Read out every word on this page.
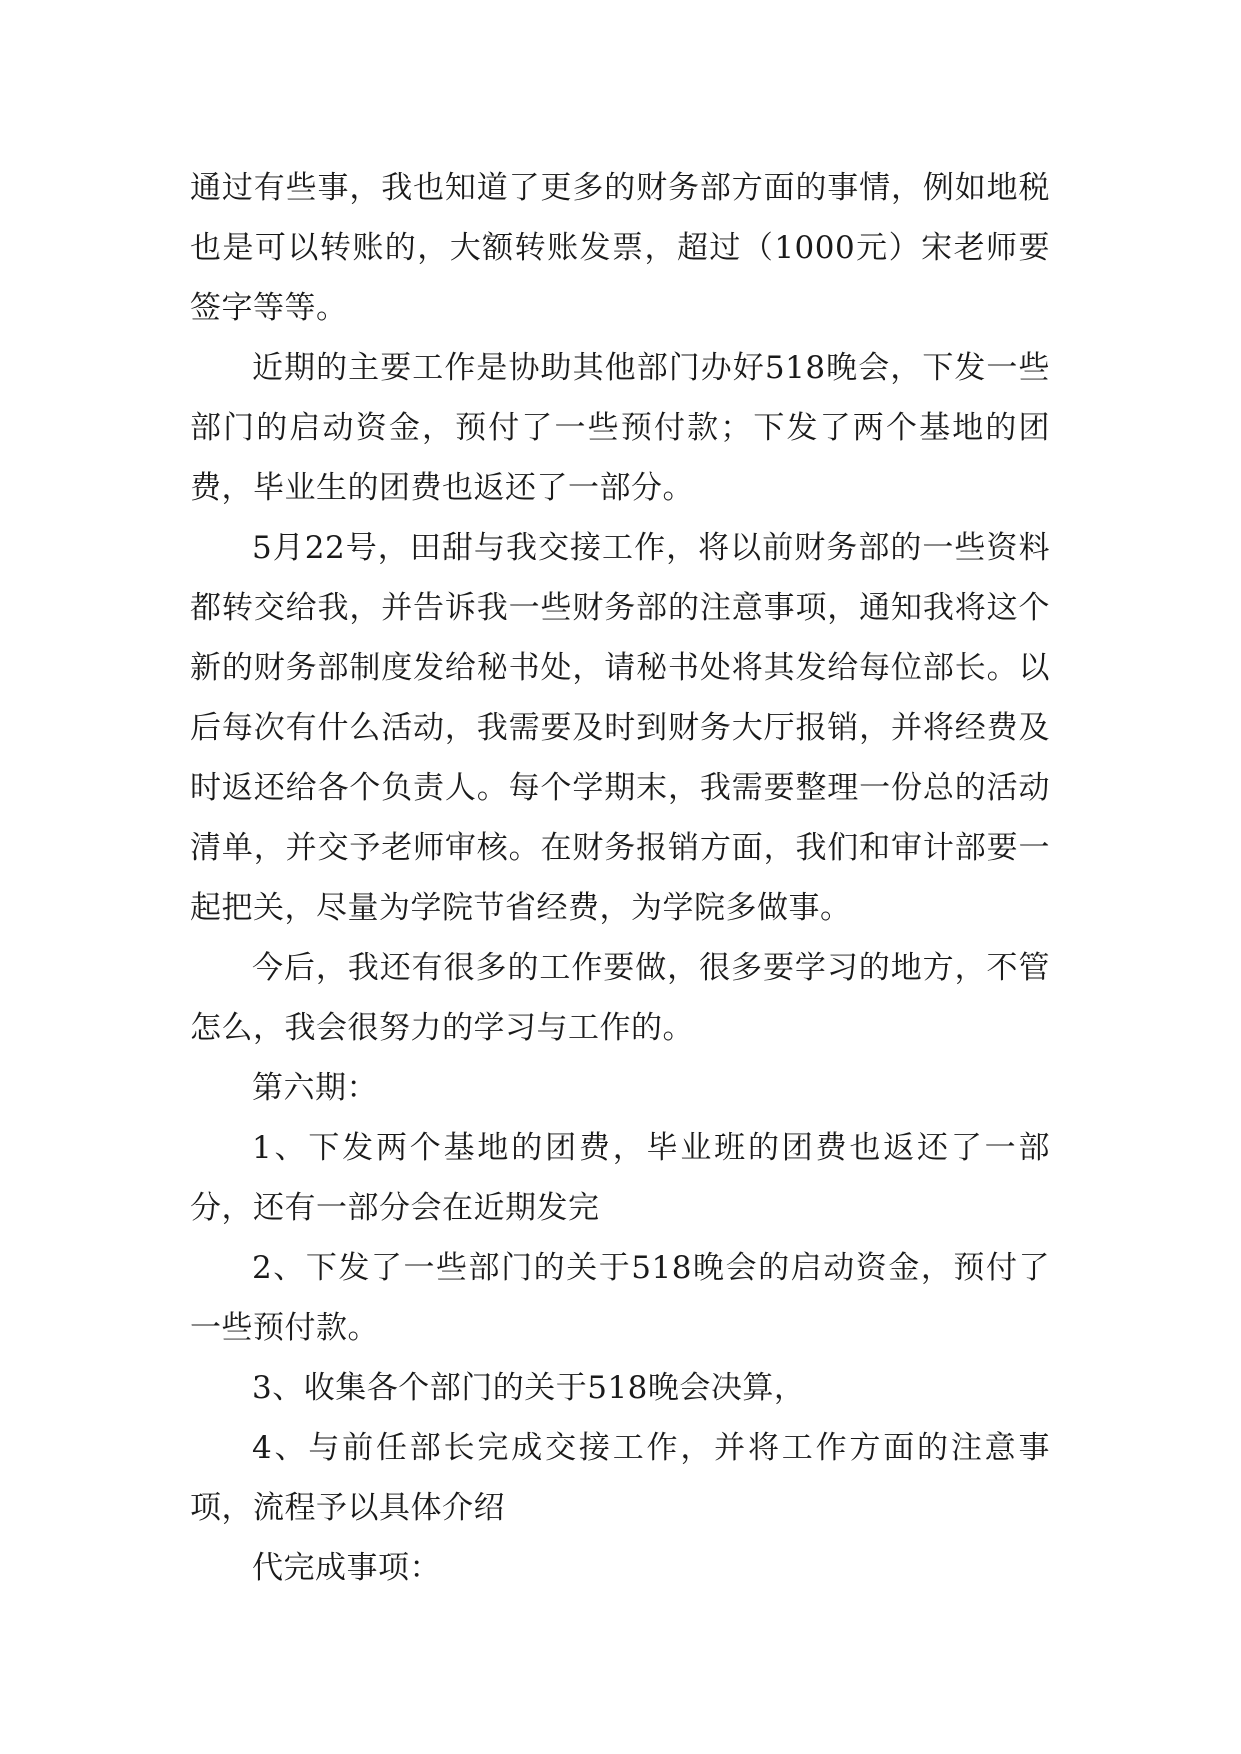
通过有些事，我也知道了更多的财务部方面的事情，例如地税也是可以转账的，大额转账发票，超过（1000元）宋老师要签字等等。

近期的主要工作是协助其他部门办好518晚会，下发一些部门的启动资金，预付了一些预付款；下发了两个基地的团费，毕业生的团费也返还了一部分。

5月22号，田甜与我交接工作，将以前财务部的一些资料都转交给我，并告诉我一些财务部的注意事项，通知我将这个新的财务部制度发给秘书处，请秘书处将其发给每位部长。以后每次有什么活动，我需要及时到财务大厅报销，并将经费及时返还给各个负责人。每个学期末，我需要整理一份总的活动清单，并交予老师审核。在财务报销方面，我们和审计部要一起把关，尽量为学院节省经费，为学院多做事。

今后，我还有很多的工作要做，很多要学习的地方，不管怎么，我会很努力的学习与工作的。

第六期：

1、下发两个基地的团费，毕业班的团费也返还了一部分，还有一部分会在近期发完

2、下发了一些部门的关于518晚会的启动资金，预付了一些预付款。

3、收集各个部门的关于518晚会决算，

4、与前任部长完成交接工作，并将工作方面的注意事项，流程予以具体介绍

代完成事项：
